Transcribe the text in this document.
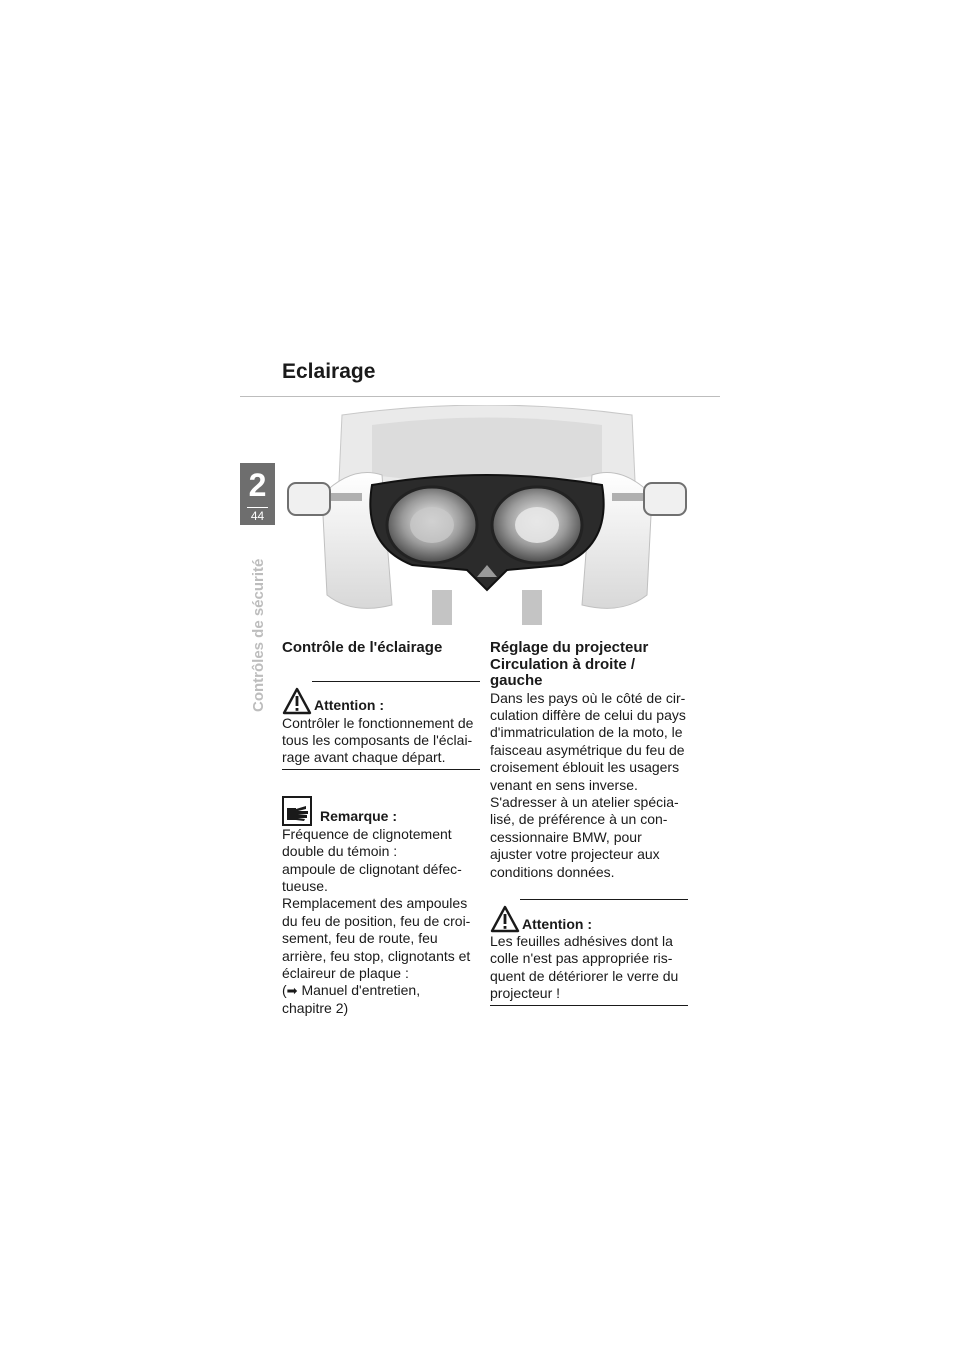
Eclairage
2
44
Contrôles de sécurité Contrôle de l'éclairage
Attention :

Contrôler le fonctionnement de tous les composants de l'éclai-rage avant chaque départ.

Remarque :
Fréquence de clignotement
double du témoin :
ampoule de clignotant défec-
tueuse.
Remplacement des ampoules
du feu de position, feu de croi-
sement, feu de route, feu
arrière, feu stop, clignotants et
éclaireur de plaque :
(➡ Manuel d'entretien,
chapitre 2)
Réglage du projecteur
Circulation à droite /
gauche
Dans les pays où le côté de cir-
culation diffère de celui du pays
d'immatriculation de la moto, le
faisceau asymétrique du feu de
croisement éblouit les usagers
venant en sens inverse.
S'adresser à un atelier spécia-
lisé, de préférence à un con-
cessionnaire BMW, pour
ajuster votre projecteur aux
conditions données.
Attention :
Les feuilles adhésives dont la
colle n'est pas appropriée ris-
quent de détériorer le verre du
projecteur !
